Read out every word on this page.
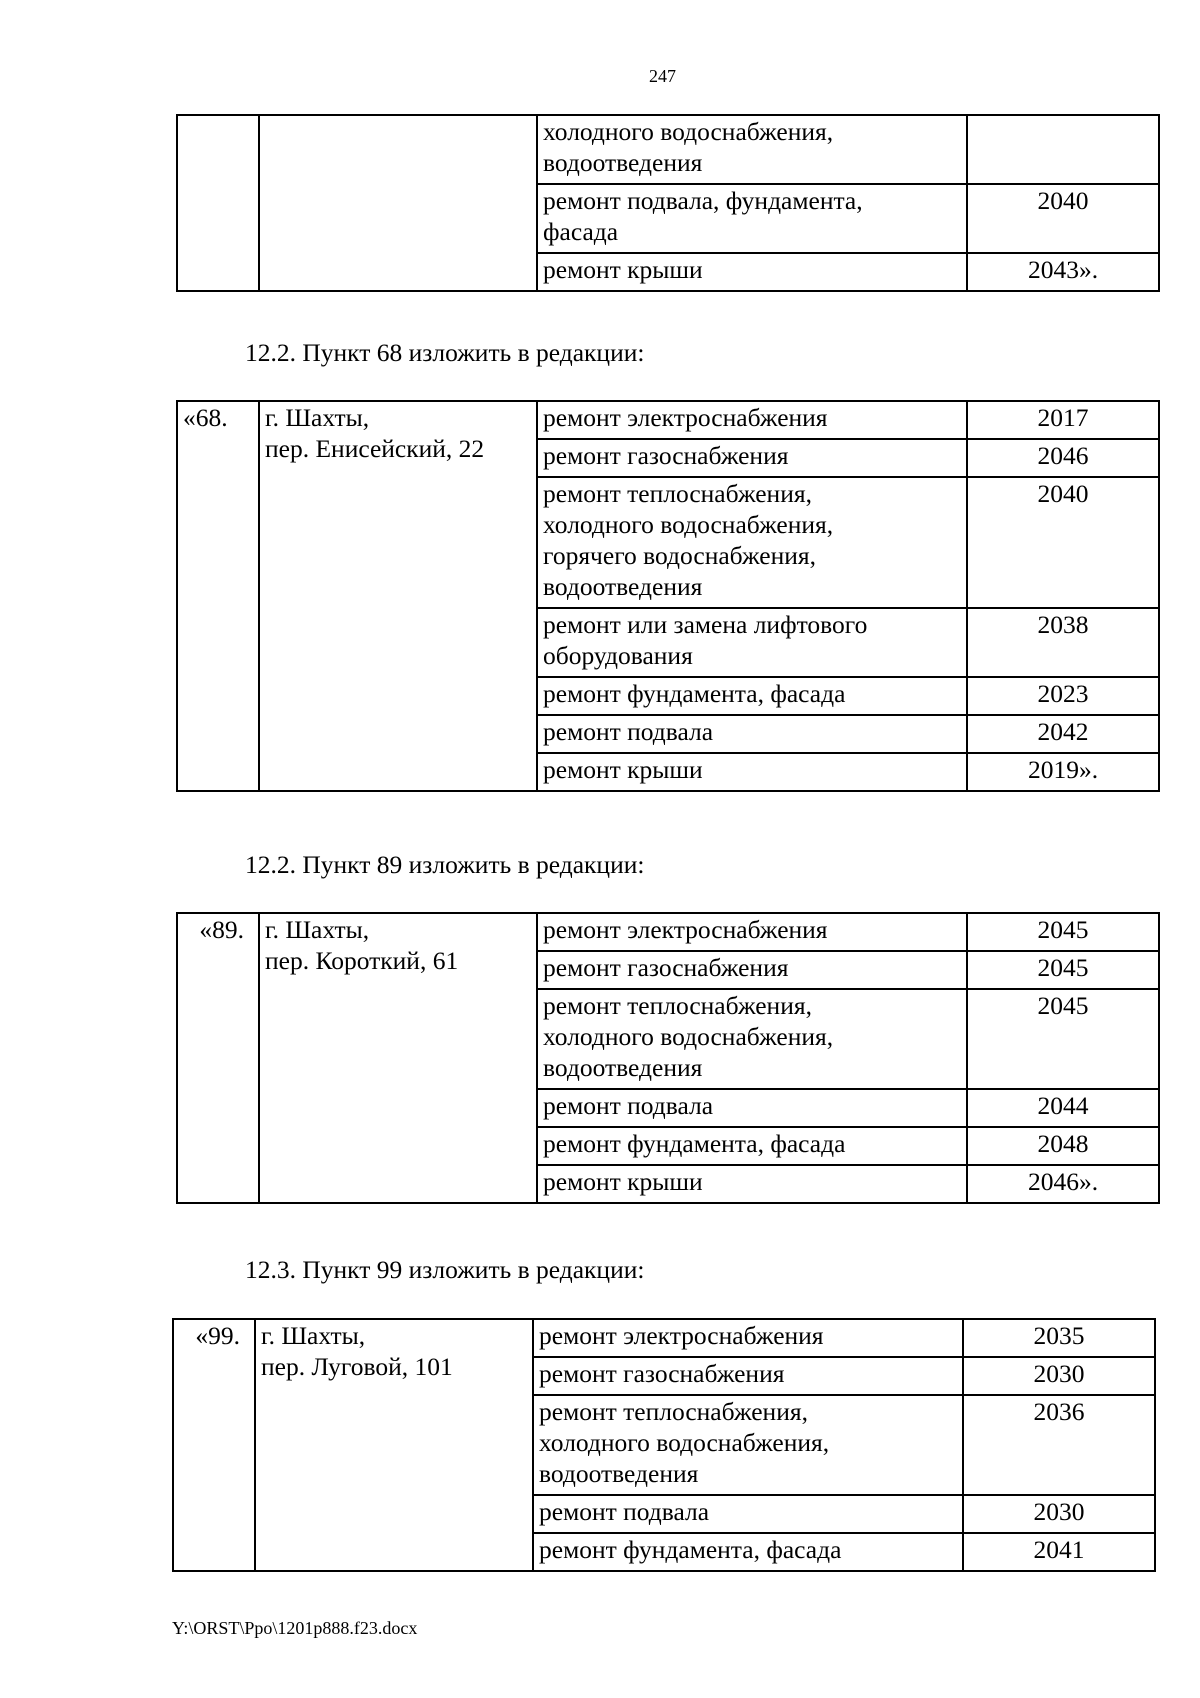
247
		холодного водоснабжения,
водоотведения	
		ремонт подвала, фундамента,
фасада	2040
		ремонт крыши	2043».
12.2. Пункт 68 изложить в редакции:
«68.	г. Шахты,
пер. Енисейский, 22	ремонт электроснабжения	2017
		ремонт газоснабжения	2046
		ремонт теплоснабжения,
холодного водоснабжения,
горячего водоснабжения,
водоотведения	2040
		ремонт или замена лифтового
оборудования	2038
		ремонт фундамента, фасада	2023
		ремонт подвала	2042
		ремонт крыши	2019».
12.2. Пункт 89 изложить в редакции:
«89.	г. Шахты,
пер. Короткий, 61	ремонт электроснабжения	2045
		ремонт газоснабжения	2045
		ремонт теплоснабжения,
холодного водоснабжения,
водоотведения	2045
		ремонт подвала	2044
		ремонт фундамента, фасада	2048
		ремонт крыши	2046».
12.3. Пункт 99 изложить в редакции:
«99.	г. Шахты,
пер. Луговой, 101	ремонт электроснабжения	2035
		ремонт газоснабжения	2030
		ремонт теплоснабжения,
холодного водоснабжения,
водоотведения	2036
		ремонт подвала	2030
		ремонт фундамента, фасада	2041
Y:\ORST\Ppo\1201p888.f23.docx
